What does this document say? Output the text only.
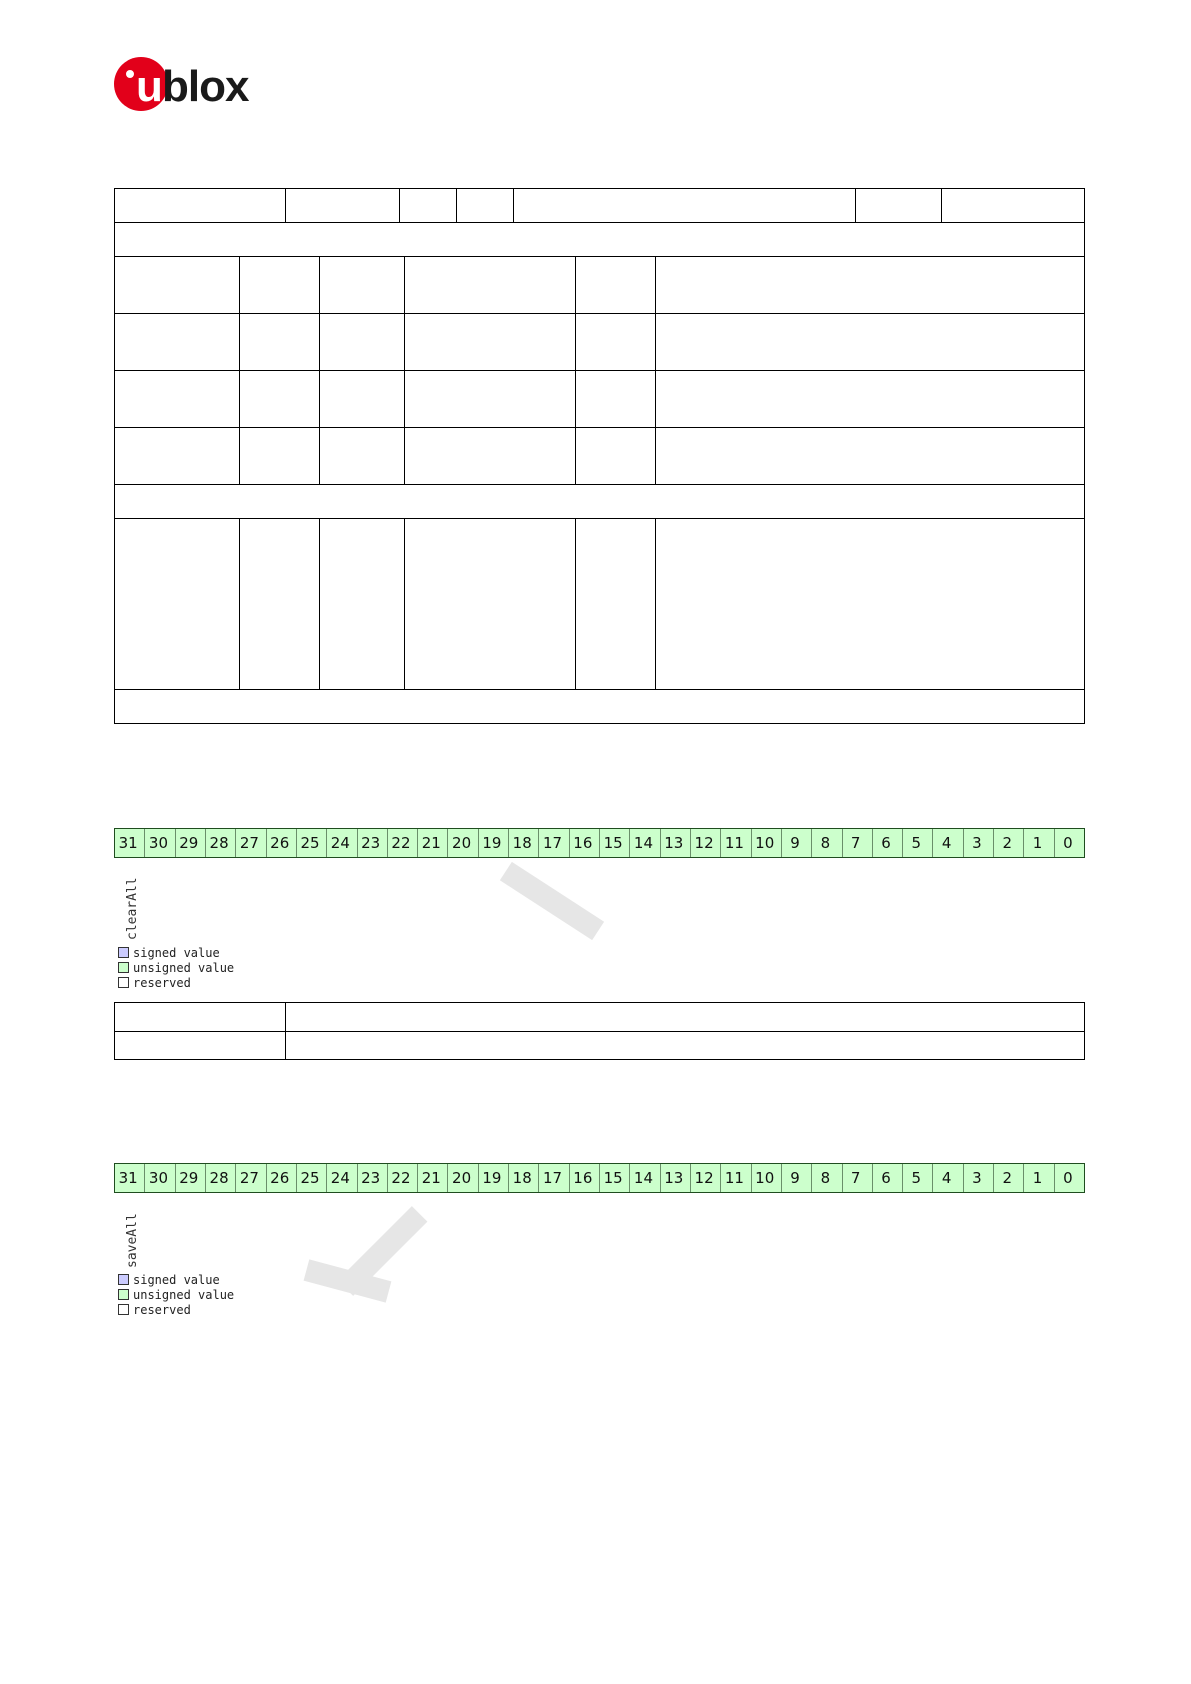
u blox
31 30 29 28 27 26 25 24 23 22 21 20 19 18 17 16 15 14 13 12 11 10	9	8	7	6	5	4	3	2	1	0
clearAll
signed value
unsigned value
reserved
31 30 29 28 27 26 25 24 23 22 21 20 19 18 17 16 15 14 13 12 11 10	9	8	7	6	5	4	3	2	1	0
saveAll
signed value
unsigned value
reserved
